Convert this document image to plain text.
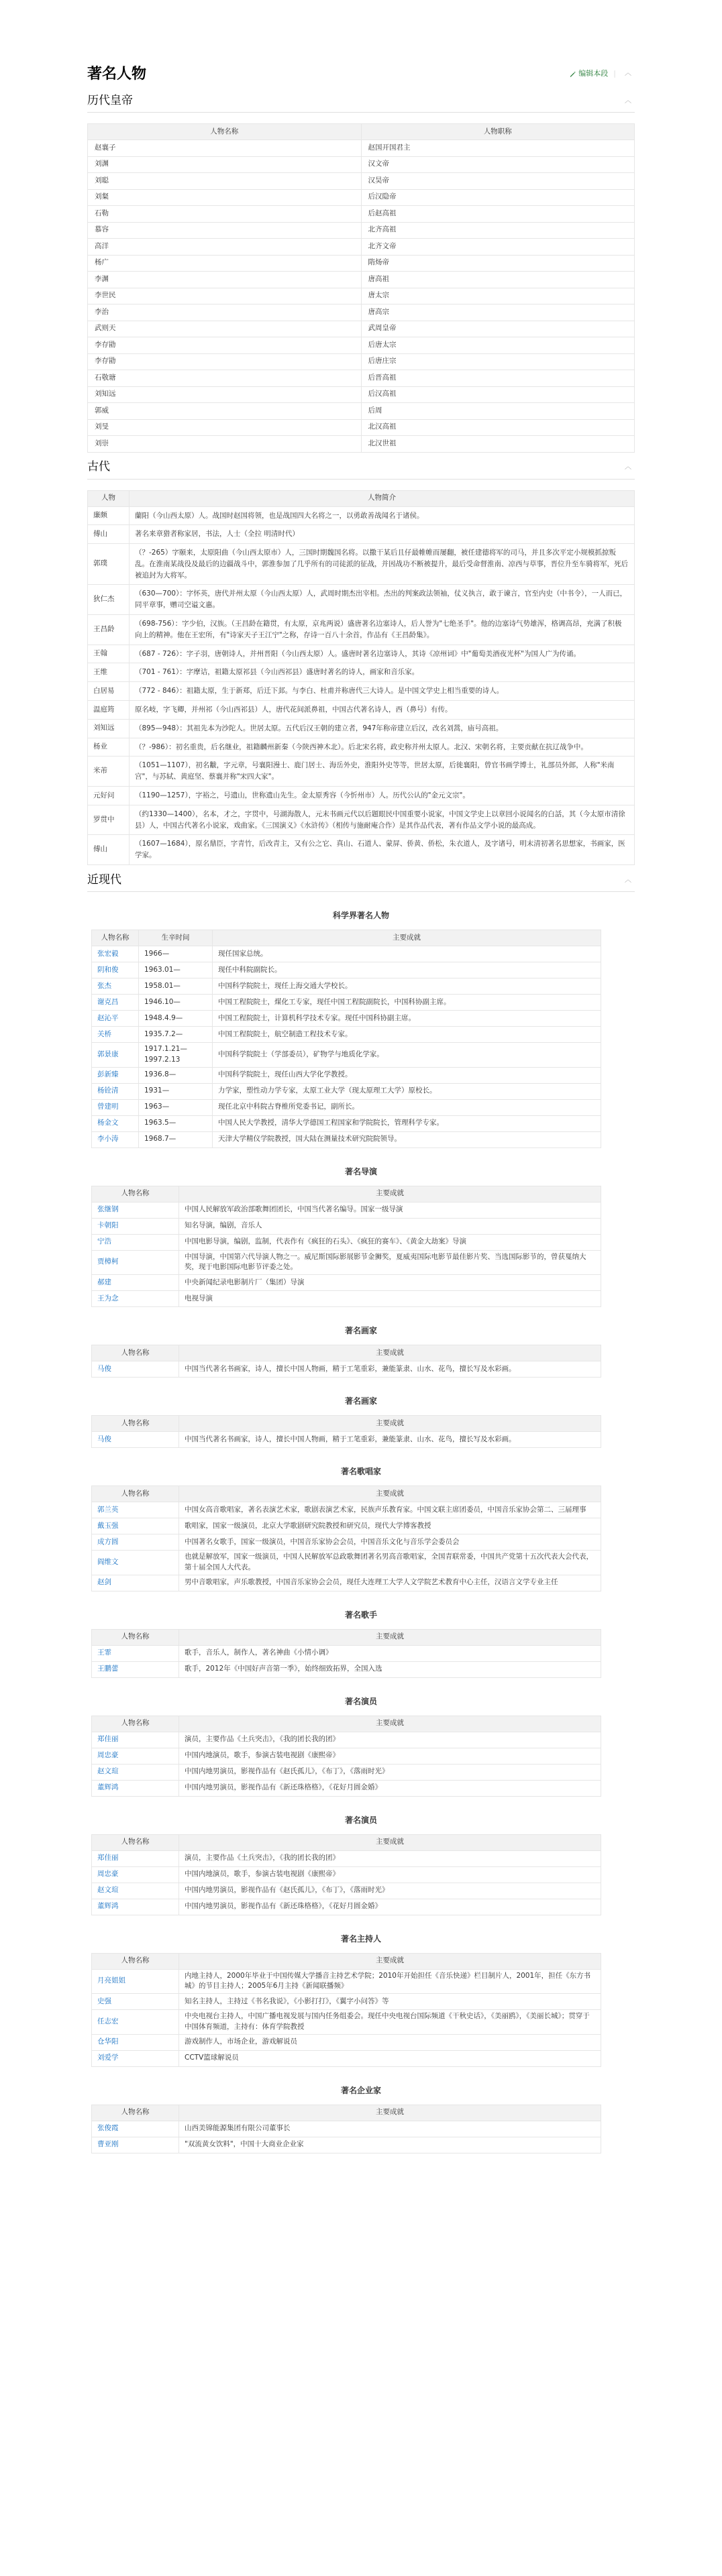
著名人物	编辑本段 |	︿
历代皇帝	︿
人物名称	人物职称
赵襄子	赵国开国君主
刘渊	汉文帝
刘聪	汉昊帝
刘粲	后汉隐帝
石勒	后赵高祖
慕容	北齐高祖
高洋	北齐文帝
杨广	隋炀帝
李渊	唐高祖
李世民	唐太宗
李治	唐高宗
武则天	武周皇帝
李存勖	后唐太宗
李存勖	后唐庄宗
石敬瑭	后晋高祖
刘知远	后汉高祖
郭威	后周
刘旻	北汉高祖
刘崇	北汉世祖
古代	︿
人物	人物简介
廉颇	蘭阳（今山西太原）人。战国时赵国将领，也是战国四大名将之一，以勇敢善战闻名于诸侯。
傅山	著名来章猎者称家居，书法，人士（全拉 明清时代）
郭璞	（？-265）字颐来，太原阳曲（今山西太原市）人，三国时期魏国名将。以撒干某后且仔最帷帷而屡翻，被任建德将军的司马，并且多次平定小规模抓掠叛乱。在淮南某战役及最后的边疆战斗中，郭淮参加了几乎所有的司徒派的征战，并因战功不断被提升，最后受命督淮南、凉西与草事，晋位升至车骑将军，死后被追封为大将军。
狄仁杰	（630—700）：字怀英，唐代并州太原（今山西太原）人，武周时期杰出宰相。杰出的判案政法领袖，仗义执言，敢于谏言，官至内史（中书令），一人而已，同平章事，赠司空谥文惠。
王昌龄	（698-756）：字少伯，汉族。（王昌龄在籍贯，有太原，京兆两说）盛唐著名边塞诗人，后人誉为"七绝圣手"。他的边塞诗气势雄浑，格调高昂，充满了积极向上的精神。他在王宏所，有"诗家天子王江宁"之称，存诗一百八十余首，作品有《王昌龄集》。
王翰	（687 - 726）：字子羽，唐朝诗人，并州晋阳（今山西太原）人。盛唐时著名边塞诗人，其诗《凉州词》中"葡萄美酒夜光杯"为国人广为传诵。
王维	（701 - 761）：字摩诘，祖籍太原祁县（今山西祁县）盛唐时著名的诗人，画家和音乐家。
白居易	（772 - 846）：祖籍太原，生于新郑，后迁下邽。与李白、杜甫并称唐代三大诗人。是中国文学史上相当重要的诗人。
温庭筠	原名岐，字飞卿，并州祁（今山西祁县）人，唐代花间派鼻祖，中国古代著名诗人，西（鼻号）有传。
刘知远	（895—948）：其祖先本为沙陀人。世居太原。五代后汉王朝的建立者，947年称帝建立后汉，改名刘暠，庙号高祖。
杨业	（？-986）：初名重贵，后名继业，祖籍麟州新秦（今陕西神木北）。后北宋名将，政史称并州太原人。北汉、宋朝名将，主要贡献在抗辽战争中。
米芾	（1051—1107），初名黻，字元章，号襄阳漫士、鹿门居士、海岳外史，淮阳外史等等，世居太原，后徙襄阳，曾官书画学博士，礼部员外郎，人称"米南宫"，与苏轼、黄庭坚、蔡襄并称"宋四大家"。
元好问	（1190—1257），字裕之，号遗山，世称遗山先生。金太原秀容（今忻州市）人。历代公认的"金元文宗"。
罗贯中	（约1330—1400），名本，才之，字贯中，号湖海散人，元末书画元代以后题眼民中国重要小说家，中国文学史上以章回小说闻名的白話，其（今太原市清徐县）人，中国古代著名小说家，戏曲家。《三国演义》《水浒传》（相传与施耐庵合作）是其作品代表，著有作品文学小说的最高成。
傅山	（1607—1684），原名鼎臣，字青竹，后改青主，又有公之它、真山、石道人、蒙屏、侨黄、侨松，朱衣道人，及字诸号，明末清初著名思想家，书画家，医学家。
近现代	︿
科学界著名人物
人物名称	生辛时间	主要成就
张宏毅	1966—	现任国家总统。
阴和俊	1963.01—	现任中科院副院长。
张杰	1958.01—	中国科学院院士，现任上海交通大学校长。
谢克昌	1946.10—	中国工程院院士，煤化工专家，现任中国工程院副院长，中国科协副主席。
赵沁平	1948.4.9—	中国工程院院士，计算机科学技术专家。现任中国科协副主席。
关桥	1935.7.2—	中国工程院院士，航空制造工程技术专家。
郭景康	1917.1.21—1997.2.13	中国科学院院士（学部委员），矿物学与地质化学家。
彭新臻	1936.8—	中国科学院院士，现任山西大学化学教授。
杨铨清	1931—	力学家，塑性动力学专家，太原工业大学（现太原理工大学）原校长。
曾建明	1963—	现任北京中科院古脊椎所党委书记，副所长。
杨金文	1963.5—	中国人民大学教授，清华大学德国工程国家和学院院长，管理科学专家。
李小涛	1968.7—	天津大学精仪学院教授，国大陆在测量技术研究院院领导。
著名导演
人物名称	主要成就
张继钢	中国人民解放军政治部歌舞团团长，中国当代著名编导。国家一级导演
卡朝阳	知名导演，编剧，音乐人
宁浩	中国电影导演，编剧，监制，代表作有《疯狂的石头》、《疯狂的赛车》、《黄金大劫案》导演
贾樟柯	中国导演，中国第六代导演人物之一。威尼斯国际影展影节金狮奖，夏威夷国际电影节最佳影片奖、当选国际影节的，曾获戛纳大奖，现于电影国际电影节评委之处。
郝建	中央新闻纪录电影制片厂（集团）导演
王为念	电视导演
著名画家
人物名称	主要成就
马俊	中国当代著名书画家，诗人，擅长中国人物画，精于工笔重彩，兼能篆隶、山水、花鸟，擅长写及水彩画。
著名画家
人物名称	主要成就
马俊	中国当代著名书画家，诗人，擅长中国人物画，精于工笔重彩，兼能篆隶、山水、花鸟，擅长写及水彩画。
著名歌唱家
人物名称	主要成就
郭兰英	中国女高音歌唱家，著名表演艺术家，歌剧表演艺术家，民族声乐教育家。中国文联主席团委员，中国音乐家协会第二、三届理事
戴玉强	歌唱家，国家一级演员，北京大学歌剧研究院教授和研究员，现代大学博客教授
成方圆	中国著名女歌手，国家一级演员，中国音乐家协会会员，中国音乐文化与音乐学会委员会
阎维文	也就是解放军，国家一级演员，中国人民解放军总政歌舞团著名男高音歌唱家，全国青联常委，中国共产党第十五次代表大会代表，第十届全国人大代表。
赵剑	男中音歌唱家，声乐歌教授，中国音乐家协会会员，现任大连理工大学人文学院艺术教育中心主任，汉语言文学专业主任
著名歌手
人物名称	主要成就
王霏	歌手，音乐人，制作人，著名神曲《小情小调》
王鹏蕾	歌手，2012年《中国好声音第一季》，始终细致拓界，全国入选
著名演员
人物名称	主要成就
郑佳丽	演员，主要作品《土兵突击》，《我的团长我的团》
周忠豪	中国内地演员，歌手，参演古装电视剧《康熙帝》
赵文瑄	中国内地男演员，影视作品有《赵氏孤儿》，《布丁》，《落雨时光》
董辉鸿	中国内地男演员，影视作品有《新还珠格格》，《花好月圆金婚》
著名演员
人物名称	主要成就
郑佳丽	演员，主要作品《土兵突击》，《我的团长我的团》
周忠豪	中国内地演员，歌手，参演古装电视剧《康熙帝》
赵文瑄	中国内地男演员，影视作品有《赵氏孤儿》，《布丁》，《落雨时光》
董辉鸿	中国内地男演员，影视作品有《新还珠格格》，《花好月圆金婚》
著名主持人
人物名称	主要成就
月亮姐姐	内地主持人，2000年毕业于中国传媒大学播音主持艺术学院；2010年开始担任《音乐快递》栏目制片人，2001年，担任《东方书城》的节目主持人；2005年6月主持《新闻联播频》
史强	知名主持人，主持过《书名我说》，《小影打打》，《翼字小问答》等
任志宏	中央电视台主持人，中国广播电视发展与国内任务组委会。现任中央电视台国际频道《干秋史话》，《美丽鸥》，《美丽长城》；贯穿于中国体育频道，主持有：体育学院教授
仓华阳	游戏制作人，市场企业，游戏解说员
刘爱学	CCTV篮球解说员
著名企业家
人物名称	主要成就
张俊霞	山西美锦能源集团有限公司董事长
曹亚刚	"双流黄女饮料"，中国十大商业企业家
